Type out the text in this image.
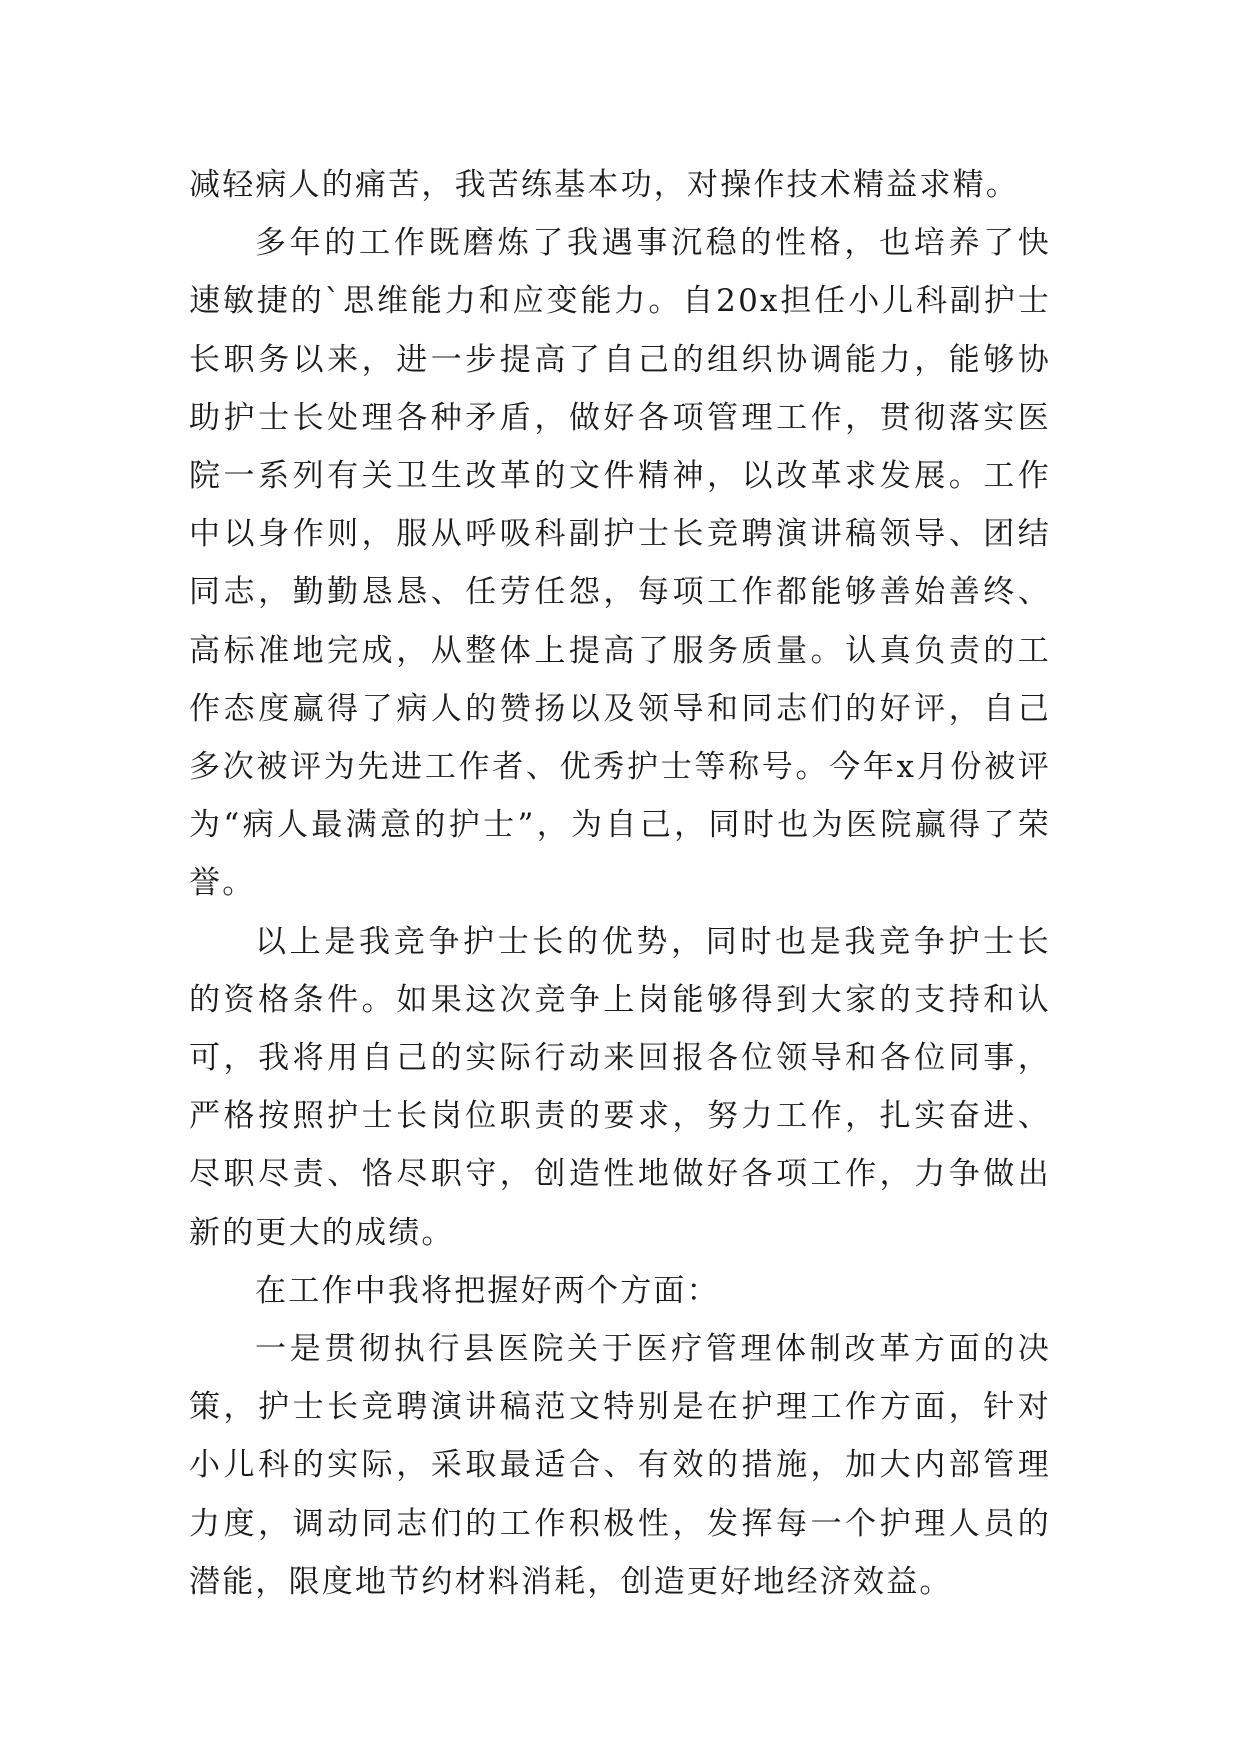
减轻病人的痛苦，我苦练基本功，对操作技术精益求精。

多年的工作既磨炼了我遇事沉稳的性格，也培养了快速敏捷的`思维能力和应变能力。自20x担任小儿科副护士长职务以来，进一步提高了自己的组织协调能力，能够协助护士长处理各种矛盾，做好各项管理工作，贯彻落实医院一系列有关卫生改革的文件精神，以改革求发展。工作中以身作则，服从呼吸科副护士长竞聘演讲稿领导、团结同志，勤勤恳恳、任劳任怨，每项工作都能够善始善终、高标准地完成，从整体上提高了服务质量。认真负责的工作态度赢得了病人的赞扬以及领导和同志们的好评，自己多次被评为先进工作者、优秀护士等称号。今年x月份被评为“病人最满意的护士”，为自己，同时也为医院赢得了荣誉。

以上是我竞争护士长的优势，同时也是我竞争护士长的资格条件。如果这次竞争上岗能够得到大家的支持和认可，我将用自己的实际行动来回报各位领导和各位同事，严格按照护士长岗位职责的要求，努力工作，扎实奋进、尽职尽责、恪尽职守，创造性地做好各项工作，力争做出新的更大的成绩。

在工作中我将把握好两个方面：

一是贯彻执行县医院关于医疗管理体制改革方面的决策，护士长竞聘演讲稿范文特别是在护理工作方面，针对小儿科的实际，采取最适合、有效的措施，加大内部管理力度，调动同志们的工作积极性，发挥每一个护理人员的潜能，限度地节约材料消耗，创造更好地经济效益。
